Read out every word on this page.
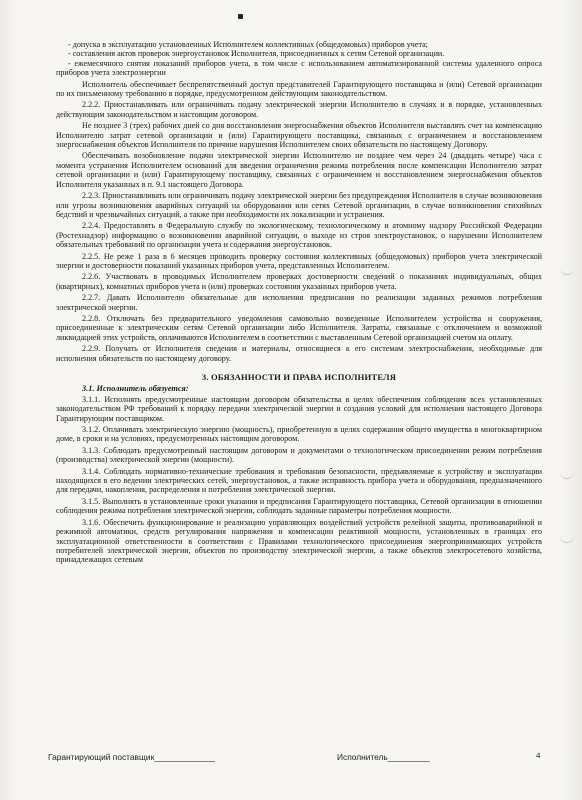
- допуска в эксплуатацию установленных Исполнителем коллективных (общедомовых) приборов учета;

- составления актов проверок энергоустановок Исполнителя, присоединенных к сетям Сетевой организации.

- ежемесячного снятия показаний приборов учета, в том числе с использованием автоматизированной системы удаленного опроса приборов учета электроэнергии

Исполнитель обеспечивает беспрепятственный доступ представителей Гарантирующего поставщика и (или) Сетевой организации по их письменному требованию в порядке, предусмотренном действующим законодательством.

2.2.2. Приостанавливать или ограничивать подачу электрической энергии Исполнителю в случаях и в порядке, установленных действующим законодательством и настоящим договором.

Не позднее 3 (трех) рабочих дней со дня восстановления энергоснабжения объектов Исполнителя выставлять счет на компенсацию Исполнителю затрат сетевой организации и (или) Гарантирующего поставщика, связанных с ограничением и восстановлением энергоснабжения объектов Исполнителя по причине нарушения Исполнителем своих обязательств по настоящему Договору.

Обеспечивать возобновление подачи электрической энергии Исполнителю не позднее чем через 24 (двадцать четыре) часа с момента устранения Исполнителем оснований для введения ограничения режима потребления после компенсации Исполнителю затрат сетевой организации и (или) Гарантирующему поставщику, связанных с ограничением и восстановлением энергоснабжения объектов Исполнителя указанных в п. 9.1 настоящего Договора.

2.2.3. Приостанавливать или ограничивать подачу электрической энергии без предупреждения Исполнителя в случае возникновения или угрозы возникновения аварийных ситуаций на оборудовании или сетях Сетевой организации, в случае возникновения стихийных бедствий и чрезвычайных ситуаций, а также при необходимости их локализации и устранения.

2.2.4. Предоставлять в Федеральную службу по экологическому, технологическому и атомному надзору Российской Федерации (Ростехнадзор) информацию о возникновении аварийной ситуации, о выходе из строя электроустановок, о нарушении Исполнителем обязательных требований по организации учета и содержания энергоустановок.

2.2.5. Не реже 1 раза в 6 месяцев проводить проверку состояния коллективных (общедомовых) приборов учета электрической энергии и достоверности показаний указанных приборов учета, представленных Исполнителем.

2.2.6. Участвовать в проводимых Исполнителем проверках достоверности сведений о показаниях индивидуальных, общих (квартирных), комнатных приборов учета и (или) проверках состояния указанных приборов учета.

2.2.7. Давать Исполнителю обязательные для исполнения предписания по реализации заданных режимов потребления электрической энергии.

2.2.8. Отключать без предварительного уведомления самовольно возведенные Исполнителем устройства и сооружения, присоединенные к электрическим сетям Сетевой организации либо Исполнителя. Затраты, связанные с отключением и возможной ликвидацией этих устройств, оплачиваются Исполнителем в соответствии с выставленным Сетевой организацией счетом на оплату.

2.2.9. Получать от Исполнителя сведения и материалы, относящиеся к его системам электроснабжения, необходимые для исполнения обязательств по настоящему договору.

3. ОБЯЗАННОСТИ И ПРАВА ИСПОЛНИТЕЛЯ

3.1. Исполнитель обязуется:

3.1.1. Исполнять предусмотренные настоящим договором обязательства в целях обеспечения соблюдения всех установленных законодательством РФ требований к порядку передачи электрической энергии и создания условий для исполнения настоящего Договора Гарантирующим поставщиком.

3.1.2. Оплачивать электрическую энергию (мощность), приобретенную в целях содержания общего имущества в многоквартирном доме, в сроки и на условиях, предусмотренных настоящим договором.

3.1.3. Соблюдать предусмотренный настоящим договором и документами о технологическом присоединении режим потребления (производства) электрической энергии (мощности).

3.1.4. Соблюдать нормативно-технические требования и требования безопасности, предъявляемые к устройству и эксплуатации находящихся в его ведении электрических сетей, энергоустановок, а также исправность прибора учета и оборудования, предназначенного для передачи, накопления, распределения и потребления электрической энергии.

3.1.5. Выполнять в установленные сроки указания и предписания Гарантирующего поставщика, Сетевой организации в отношении соблюдения режима потребления электрической энергии, соблюдать заданные параметры потребления мощности.

3.1.6. Обеспечить функционирование и реализацию управляющих воздействий устройств релейной защиты, противоаварийной и режимной автоматики, средств регулирования напряжения и компенсации реактивной мощности, установленных в границах его эксплуатационной ответственности в соответствии с Правилами технологического присоединения энергопринимающих устройств потребителей электрической энергии, объектов по производству электрической энергии, а также объектов электросетевого хозяйства, принадлежащих сетевым

Гарантирующий поставщик_____________	Исполнитель_________	4
